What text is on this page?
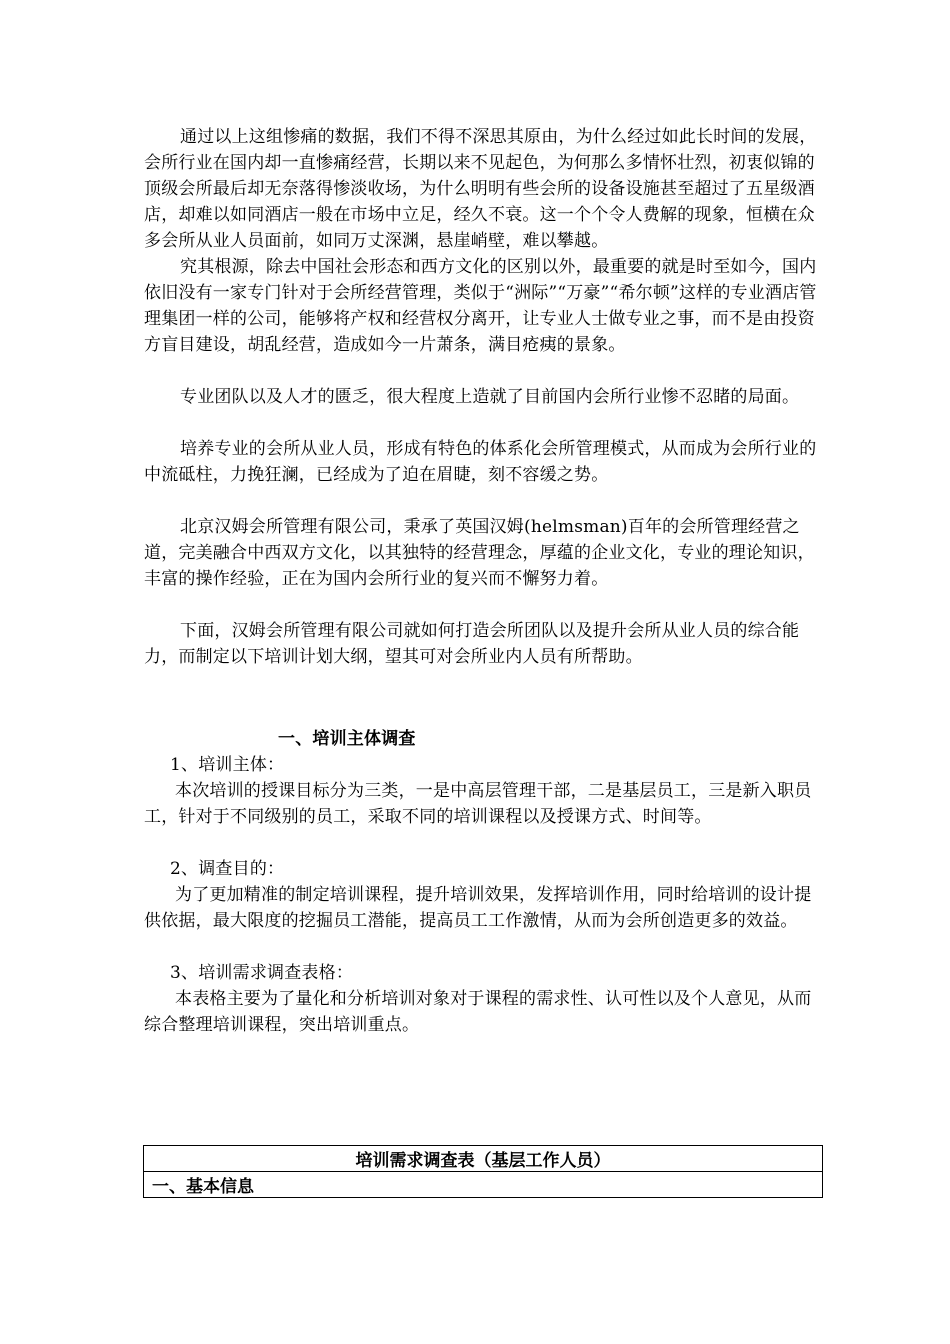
通过以上这组惨痛的数据，我们不得不深思其原由，为什么经过如此长时间的发展，会所行业在国内却一直惨痛经营，长期以来不见起色，为何那么多情怀壮烈，初衷似锦的顶级会所最后却无奈落得惨淡收场，为什么明明有些会所的设备设施甚至超过了五星级酒店，却难以如同酒店一般在市场中立足，经久不衰。这一个个令人费解的现象，恒横在众多会所从业人员面前，如同万丈深渊，悬崖峭壁，难以攀越。

究其根源，除去中国社会形态和西方文化的区别以外，最重要的就是时至如今，国内依旧没有一家专门针对于会所经营管理，类似于“洲际”“万豪”“希尔顿”这样的专业酒店管理集团一样的公司，能够将产权和经营权分离开，让专业人士做专业之事，而不是由投资方盲目建设，胡乱经营，造成如今一片萧条，满目疮痍的景象。

专业团队以及人才的匮乏，很大程度上造就了目前国内会所行业惨不忍睹的局面。

培养专业的会所从业人员，形成有特色的体系化会所管理模式，从而成为会所行业的中流砥柱，力挽狂澜，已经成为了迫在眉睫，刻不容缓之势。

北京汉姆会所管理有限公司，秉承了英国汉姆(helmsman)百年的会所管理经营之道，完美融合中西双方文化，以其独特的经营理念，厚蕴的企业文化，专业的理论知识，丰富的操作经验，正在为国内会所行业的复兴而不懈努力着。

下面，汉姆会所管理有限公司就如何打造会所团队以及提升会所从业人员的综合能力，而制定以下培训计划大纲，望其可对会所业内人员有所帮助。

一、培训主体调查

1、培训主体：

本次培训的授课目标分为三类，一是中高层管理干部，二是基层员工，三是新入职员工，针对于不同级别的员工，采取不同的培训课程以及授课方式、时间等。

2、调查目的：

为了更加精准的制定培训课程，提升培训效果，发挥培训作用，同时给培训的设计提供依据，最大限度的挖掘员工潜能，提高员工工作激情，从而为会所创造更多的效益。

3、培训需求调查表格：

本表格主要为了量化和分析培训对象对于课程的需求性、认可性以及个人意见，从而综合整理培训课程，突出培训重点。

培训需求调查表（基层工作人员）
一、基本信息
